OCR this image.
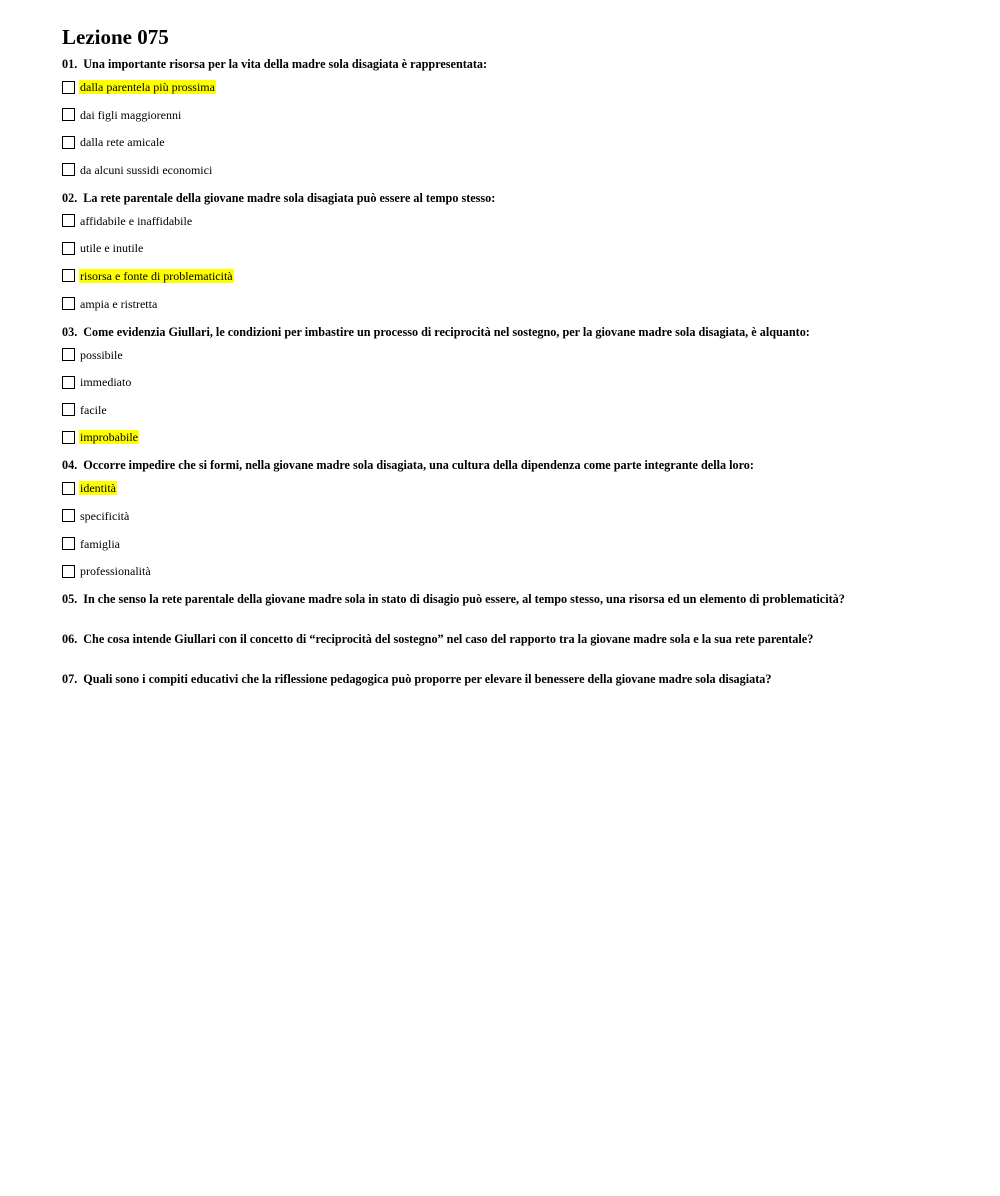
Lezione 075
01. Una importante risorsa per la vita della madre sola disagiata è rappresentata:
dalla parentela più prossima
dai figli maggiorenni
dalla rete amicale
da alcuni sussidi economici
02. La rete parentale della giovane madre sola disagiata può essere al tempo stesso:
affidabile e inaffidabile
utile e inutile
risorsa e fonte di problematicità
ampia e ristretta
03. Come evidenzia Giullari, le condizioni per imbastire un processo di reciprocità nel sostegno, per la giovane madre sola disagiata, è alquanto:
possibile
immediato
facile
improbabile
04. Occorre impedire che si formi, nella giovane madre sola disagiata, una cultura della dipendenza come parte integrante della loro:
identità
specificità
famiglia
professionalità
05. In che senso la rete parentale della giovane madre sola in stato di disagio può essere, al tempo stesso, una risorsa ed un elemento di problematicità?
06. Che cosa intende Giullari con il concetto di “reciprocità del sostegno” nel caso del rapporto tra la giovane madre sola e la sua rete parentale?
07. Quali sono i compiti educativi che la riflessione pedagogica può proporre per elevare il benessere della giovane madre sola disagiata?
